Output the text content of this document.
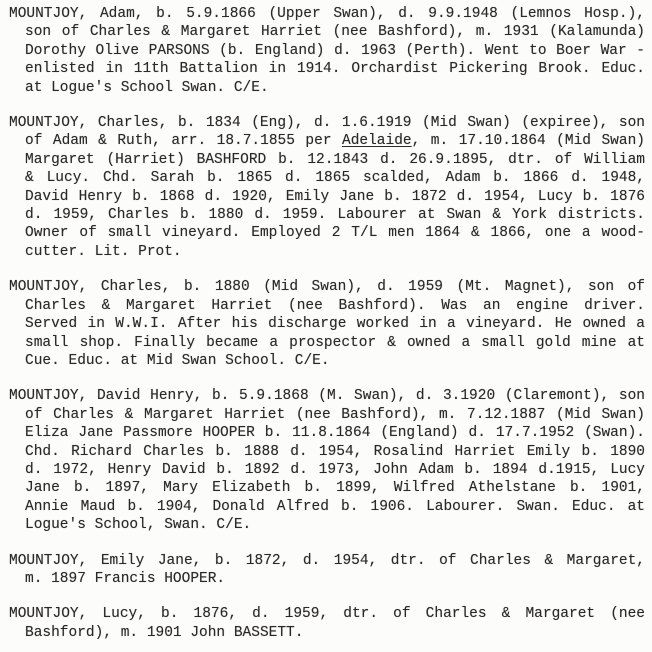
MOUNTJOY, Adam, b. 5.9.1866 (Upper Swan), d. 9.9.1948 (Lemnos Hosp.),
son of Charles & Margaret Harriet (nee Bashford), m. 1931 (Kalamunda)
Dorothy Olive PARSONS (b. England) d. 1963 (Perth). Went to Boer War -
enlisted in 11th Battalion in 1914. Orchardist Pickering Brook. Educ.
at Logue's School Swan. C/E.
MOUNTJOY, Charles, b. 1834 (Eng), d. 1.6.1919 (Mid Swan) (expiree), son
of Adam & Ruth, arr. 18.7.1855 per Adelaide, m. 17.10.1864 (Mid Swan)
Margaret (Harriet) BASHFORD b. 12.1843 d. 26.9.1895, dtr. of William
& Lucy. Chd. Sarah b. 1865 d. 1865 scalded, Adam b. 1866 d. 1948,
David Henry b. 1868 d. 1920, Emily Jane b. 1872 d. 1954, Lucy b. 1876
d. 1959, Charles b. 1880 d. 1959. Labourer at Swan & York districts.
Owner of small vineyard. Employed 2 T/L men 1864 & 1866, one a wood-
cutter. Lit. Prot.
MOUNTJOY, Charles, b. 1880 (Mid Swan), d. 1959 (Mt. Magnet), son of
Charles & Margaret Harriet (nee Bashford). Was an engine driver.
Served in W.W.I. After his discharge worked in a vineyard. He owned a
small shop. Finally became a prospector & owned a small gold mine at
Cue. Educ. at Mid Swan School. C/E.
MOUNTJOY, David Henry, b. 5.9.1868 (M. Swan), d. 3.1920 (Claremont), son
of Charles & Margaret Harriet (nee Bashford), m. 7.12.1887 (Mid Swan)
Eliza Jane Passmore HOOPER b. 11.8.1864 (England) d. 17.7.1952 (Swan).
Chd. Richard Charles b. 1888 d. 1954, Rosalind Harriet Emily b. 1890
d. 1972, Henry David b. 1892 d. 1973, John Adam b. 1894 d.1915, Lucy
Jane b. 1897, Mary Elizabeth b. 1899, Wilfred Athelstane b. 1901,
Annie Maud b. 1904, Donald Alfred b. 1906. Labourer. Swan. Educ. at
Logue's School, Swan. C/E.
MOUNTJOY, Emily Jane, b. 1872, d. 1954, dtr. of Charles & Margaret,
m. 1897 Francis HOOPER.
MOUNTJOY, Lucy, b. 1876, d. 1959, dtr. of Charles & Margaret (nee
Bashford), m. 1901 John BASSETT.
